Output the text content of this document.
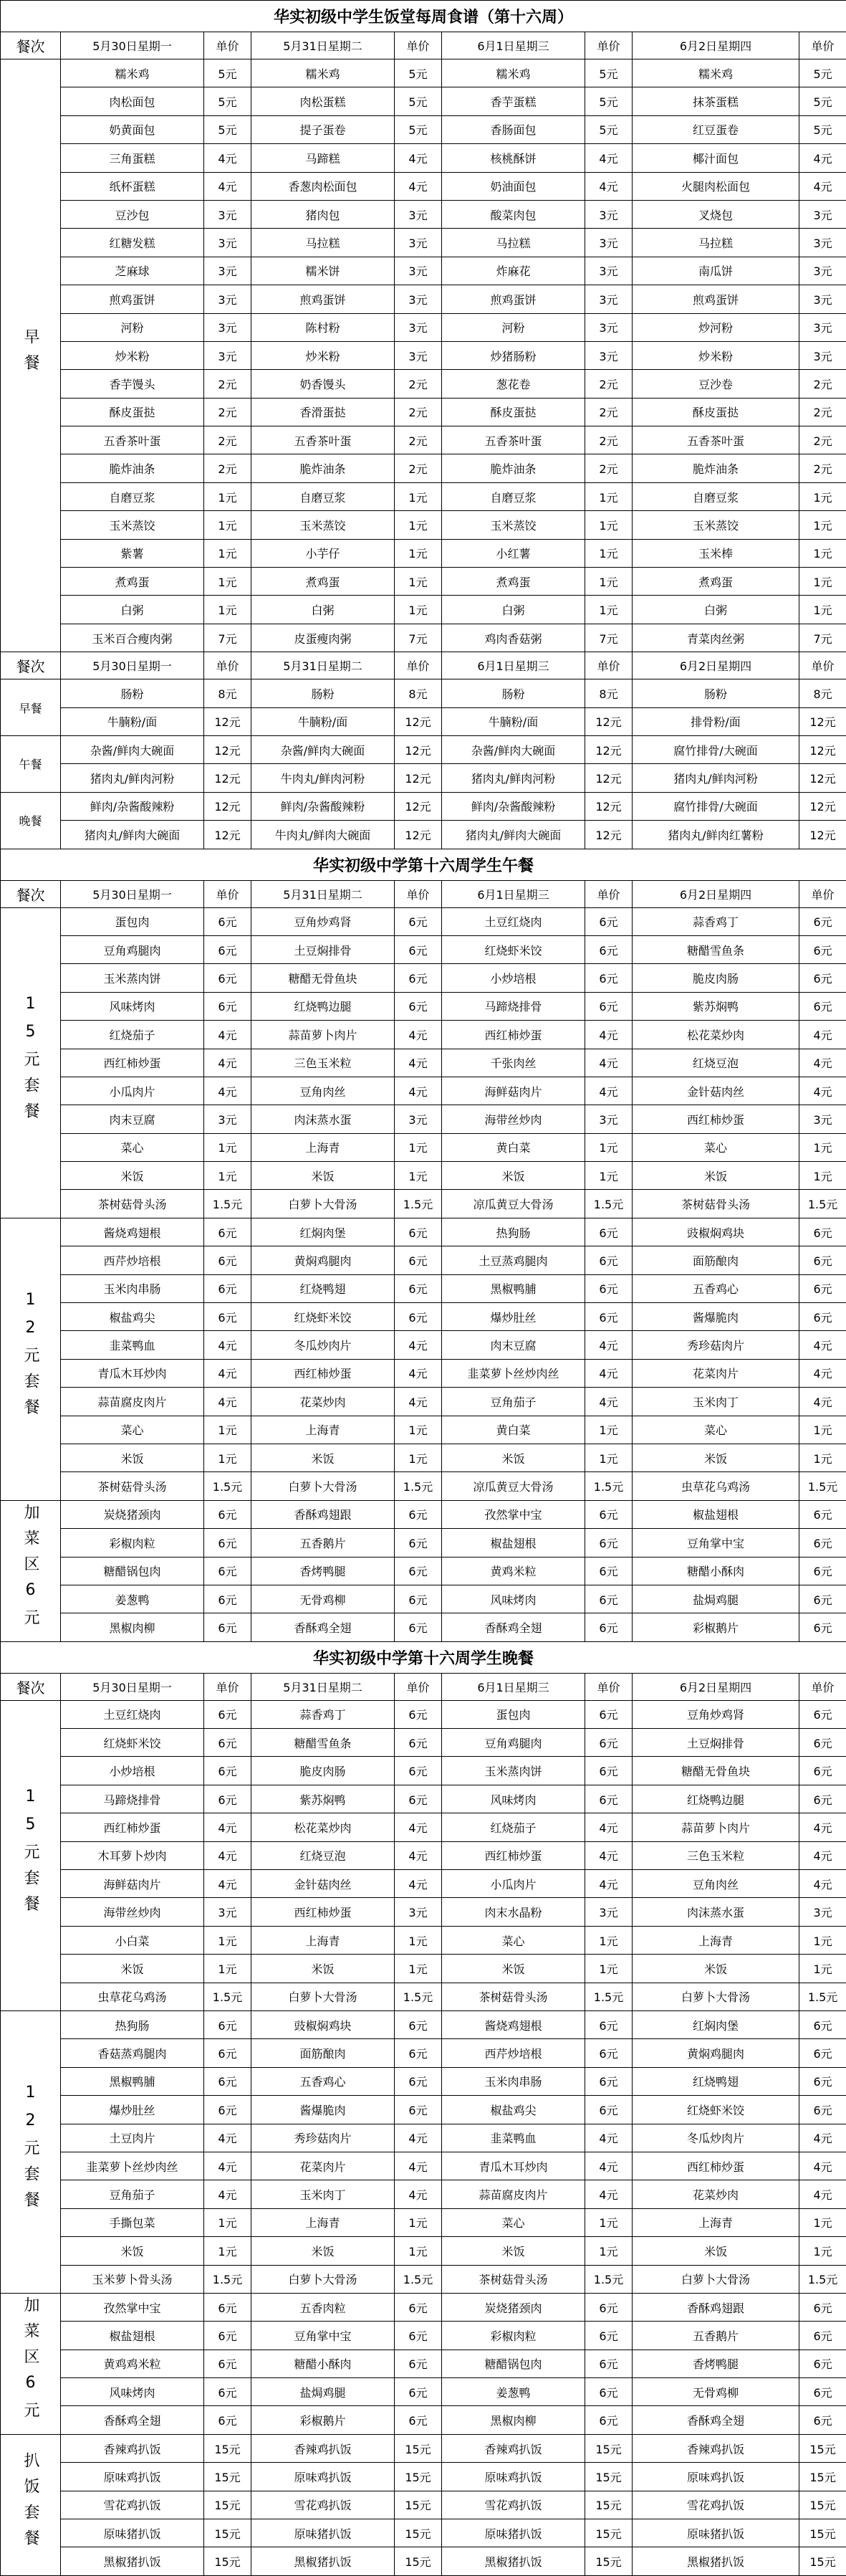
华实初级中学生饭堂每周食谱（第十六周）								
餐次	5月30日星期一	单价	5月31日星期二	单价	6月1日星期三	单价	6月2日星期四	单价
早餐	糯米鸡	5元	糯米鸡	5元	糯米鸡	5元	糯米鸡	5元
	肉松面包	5元	肉松蛋糕	5元	香芋蛋糕	5元	抹茶蛋糕	5元
	奶黄面包	5元	提子蛋卷	5元	香肠面包	5元	红豆蛋卷	5元
	三角蛋糕	4元	马蹄糕	4元	核桃酥饼	4元	椰汁面包	4元
	纸杯蛋糕	4元	香葱肉松面包	4元	奶油面包	4元	火腿肉松面包	4元
	豆沙包	3元	猪肉包	3元	酸菜肉包	3元	叉烧包	3元
	红糖发糕	3元	马拉糕	3元	马拉糕	3元	马拉糕	3元
	芝麻球	3元	糯米饼	3元	炸麻花	3元	南瓜饼	3元
	煎鸡蛋饼	3元	煎鸡蛋饼	3元	煎鸡蛋饼	3元	煎鸡蛋饼	3元
	河粉	3元	陈村粉	3元	河粉	3元	炒河粉	3元
	炒米粉	3元	炒米粉	3元	炒猪肠粉	3元	炒米粉	3元
	香芋馒头	2元	奶香馒头	2元	葱花卷	2元	豆沙卷	2元
	酥皮蛋挞	2元	香滑蛋挞	2元	酥皮蛋挞	2元	酥皮蛋挞	2元
	五香茶叶蛋	2元	五香茶叶蛋	2元	五香茶叶蛋	2元	五香茶叶蛋	2元
	脆炸油条	2元	脆炸油条	2元	脆炸油条	2元	脆炸油条	2元
	自磨豆浆	1元	自磨豆浆	1元	自磨豆浆	1元	自磨豆浆	1元
	玉米蒸饺	1元	玉米蒸饺	1元	玉米蒸饺	1元	玉米蒸饺	1元
	紫薯	1元	小芋仔	1元	小红薯	1元	玉米棒	1元
	煮鸡蛋	1元	煮鸡蛋	1元	煮鸡蛋	1元	煮鸡蛋	1元
	白粥	1元	白粥	1元	白粥	1元	白粥	1元
	玉米百合瘦肉粥	7元	皮蛋瘦肉粥	7元	鸡肉香菇粥	7元	青菜肉丝粥	7元
餐次	5月30日星期一	单价	5月31日星期二	单价	6月1日星期三	单价	6月2日星期四	单价
早餐	肠粉	8元	肠粉	8元	肠粉	8元	肠粉	8元
	牛腩粉/面	12元	牛腩粉/面	12元	牛腩粉/面	12元	排骨粉/面	12元
午餐	杂酱/鲜肉大碗面	12元	杂酱/鲜肉大碗面	12元	杂酱/鲜肉大碗面	12元	腐竹排骨/大碗面	12元
	猪肉丸/鲜肉河粉	12元	牛肉丸/鲜肉河粉	12元	猪肉丸/鲜肉河粉	12元	猪肉丸/鲜肉河粉	12元
晚餐	鲜肉/杂酱酸辣粉	12元	鲜肉/杂酱酸辣粉	12元	鲜肉/杂酱酸辣粉	12元	腐竹排骨/大碗面	12元
	猪肉丸/鲜肉大碗面	12元	牛肉丸/鲜肉大碗面	12元	猪肉丸/鲜肉大碗面	12元	猪肉丸/鲜肉红薯粉	12元
华实初级中学第十六周学生午餐								
餐次	5月30日星期一	单价	5月31日星期二	单价	6月1日星期三	单价	6月2日星期四	单价
15元套餐	蛋包肉	6元	豆角炒鸡肾	6元	土豆红烧肉	6元	蒜香鸡丁	6元
	豆角鸡腿肉	6元	土豆焖排骨	6元	红烧虾米饺	6元	糖醋雪鱼条	6元
	玉米蒸肉饼	6元	糖醋无骨鱼块	6元	小炒培根	6元	脆皮肉肠	6元
	风味烤肉	6元	红烧鸭边腿	6元	马蹄烧排骨	6元	紫苏焖鸭	6元
	红烧茄子	4元	蒜苗萝卜肉片	4元	西红柿炒蛋	4元	松花菜炒肉	4元
	西红柿炒蛋	4元	三色玉米粒	4元	千张肉丝	4元	红烧豆泡	4元
	小瓜肉片	4元	豆角肉丝	4元	海鲜菇肉片	4元	金针菇肉丝	4元
	肉末豆腐	3元	肉沫蒸水蛋	3元	海带丝炒肉	3元	西红柿炒蛋	3元
	菜心	1元	上海青	1元	黄白菜	1元	菜心	1元
	米饭	1元	米饭	1元	米饭	1元	米饭	1元
	茶树菇骨头汤	1.5元	白萝卜大骨汤	1.5元	凉瓜黄豆大骨汤	1.5元	茶树菇骨头汤	1.5元
12元套餐	酱烧鸡翅根	6元	红焖肉堡	6元	热狗肠	6元	豉椒焖鸡块	6元
	西芹炒培根	6元	黄焖鸡腿肉	6元	土豆蒸鸡腿肉	6元	面筋酿肉	6元
	玉米肉串肠	6元	红烧鸭翅	6元	黑椒鸭脯	6元	五香鸡心	6元
	椒盐鸡尖	6元	红烧虾米饺	6元	爆炒肚丝	6元	酱爆脆肉	6元
	韭菜鸭血	4元	冬瓜炒肉片	4元	肉末豆腐	4元	秀珍菇肉片	4元
	青瓜木耳炒肉	4元	西红柿炒蛋	4元	韭菜萝卜丝炒肉丝	4元	花菜肉片	4元
	蒜苗腐皮肉片	4元	花菜炒肉	4元	豆角茄子	4元	玉米肉丁	4元
	菜心	1元	上海青	1元	黄白菜	1元	菜心	1元
	米饭	1元	米饭	1元	米饭	1元	米饭	1元
	茶树菇骨头汤	1.5元	白萝卜大骨汤	1.5元	凉瓜黄豆大骨汤	1.5元	虫草花乌鸡汤	1.5元
加菜区6元	炭烧猪颈肉	6元	香酥鸡翅跟	6元	孜然掌中宝	6元	椒盐翅根	6元
	彩椒肉粒	6元	五香鹅片	6元	椒盐翅根	6元	豆角掌中宝	6元
	糖醋锅包肉	6元	香烤鸭腿	6元	黄鸡米粒	6元	糖醋小酥肉	6元
	姜葱鸭	6元	无骨鸡柳	6元	风味烤肉	6元	盐焗鸡腿	6元
	黑椒肉柳	6元	香酥鸡全翅	6元	香酥鸡全翅	6元	彩椒鹅片	6元
华实初级中学第十六周学生晚餐								
餐次	5月30日星期一	单价	5月31日星期二	单价	6月1日星期三	单价	6月2日星期四	单价
15元套餐	土豆红烧肉	6元	蒜香鸡丁	6元	蛋包肉	6元	豆角炒鸡肾	6元
	红烧虾米饺	6元	糖醋雪鱼条	6元	豆角鸡腿肉	6元	土豆焖排骨	6元
	小炒培根	6元	脆皮肉肠	6元	玉米蒸肉饼	6元	糖醋无骨鱼块	6元
	马蹄烧排骨	6元	紫苏焖鸭	6元	风味烤肉	6元	红烧鸭边腿	6元
	西红柿炒蛋	4元	松花菜炒肉	4元	红烧茄子	4元	蒜苗萝卜肉片	4元
	木耳萝卜炒肉	4元	红烧豆泡	4元	西红柿炒蛋	4元	三色玉米粒	4元
	海鲜菇肉片	4元	金针菇肉丝	4元	小瓜肉片	4元	豆角肉丝	4元
	海带丝炒肉	3元	西红柿炒蛋	3元	肉末水晶粉	3元	肉沫蒸水蛋	3元
	小白菜	1元	上海青	1元	菜心	1元	上海青	1元
	米饭	1元	米饭	1元	米饭	1元	米饭	1元
	虫草花乌鸡汤	1.5元	白萝卜大骨汤	1.5元	茶树菇骨头汤	1.5元	白萝卜大骨汤	1.5元
12元套餐	热狗肠	6元	豉椒焖鸡块	6元	酱烧鸡翅根	6元	红焖肉堡	6元
	香菇蒸鸡腿肉	6元	面筋酿肉	6元	西芹炒培根	6元	黄焖鸡腿肉	6元
	黑椒鸭脯	6元	五香鸡心	6元	玉米肉串肠	6元	红烧鸭翅	6元
	爆炒肚丝	6元	酱爆脆肉	6元	椒盐鸡尖	6元	红烧虾米饺	6元
	土豆肉片	4元	秀珍菇肉片	4元	韭菜鸭血	4元	冬瓜炒肉片	4元
	韭菜萝卜丝炒肉丝	4元	花菜肉片	4元	青瓜木耳炒肉	4元	西红柿炒蛋	4元
	豆角茄子	4元	玉米肉丁	4元	蒜苗腐皮肉片	4元	花菜炒肉	4元
	手撕包菜	1元	上海青	1元	菜心	1元	上海青	1元
	米饭	1元	米饭	1元	米饭	1元	米饭	1元
	玉米萝卜骨头汤	1.5元	白萝卜大骨汤	1.5元	茶树菇骨头汤	1.5元	白萝卜大骨汤	1.5元
加菜区6元	孜然掌中宝	6元	五香肉粒	6元	炭烧猪颈肉	6元	香酥鸡翅跟	6元
	椒盐翅根	6元	豆角掌中宝	6元	彩椒肉粒	6元	五香鹅片	6元
	黄鸡鸡米粒	6元	糖醋小酥肉	6元	糖醋锅包肉	6元	香烤鸭腿	6元
	风味烤肉	6元	盐焗鸡腿	6元	姜葱鸭	6元	无骨鸡柳	6元
	香酥鸡全翅	6元	彩椒鹅片	6元	黑椒肉柳	6元	香酥鸡全翅	6元
扒饭套餐	香辣鸡扒饭	15元	香辣鸡扒饭	15元	香辣鸡扒饭	15元	香辣鸡扒饭	15元
	原味鸡扒饭	15元	原味鸡扒饭	15元	原味鸡扒饭	15元	原味鸡扒饭	15元
	雪花鸡扒饭	15元	雪花鸡扒饭	15元	雪花鸡扒饭	15元	雪花鸡扒饭	15元
	原味猪扒饭	15元	原味猪扒饭	15元	原味猪扒饭	15元	原味猪扒饭	15元
	黑椒猪扒饭	15元	黑椒猪扒饭	15元	黑椒猪扒饭	15元	黑椒猪扒饭	15元
